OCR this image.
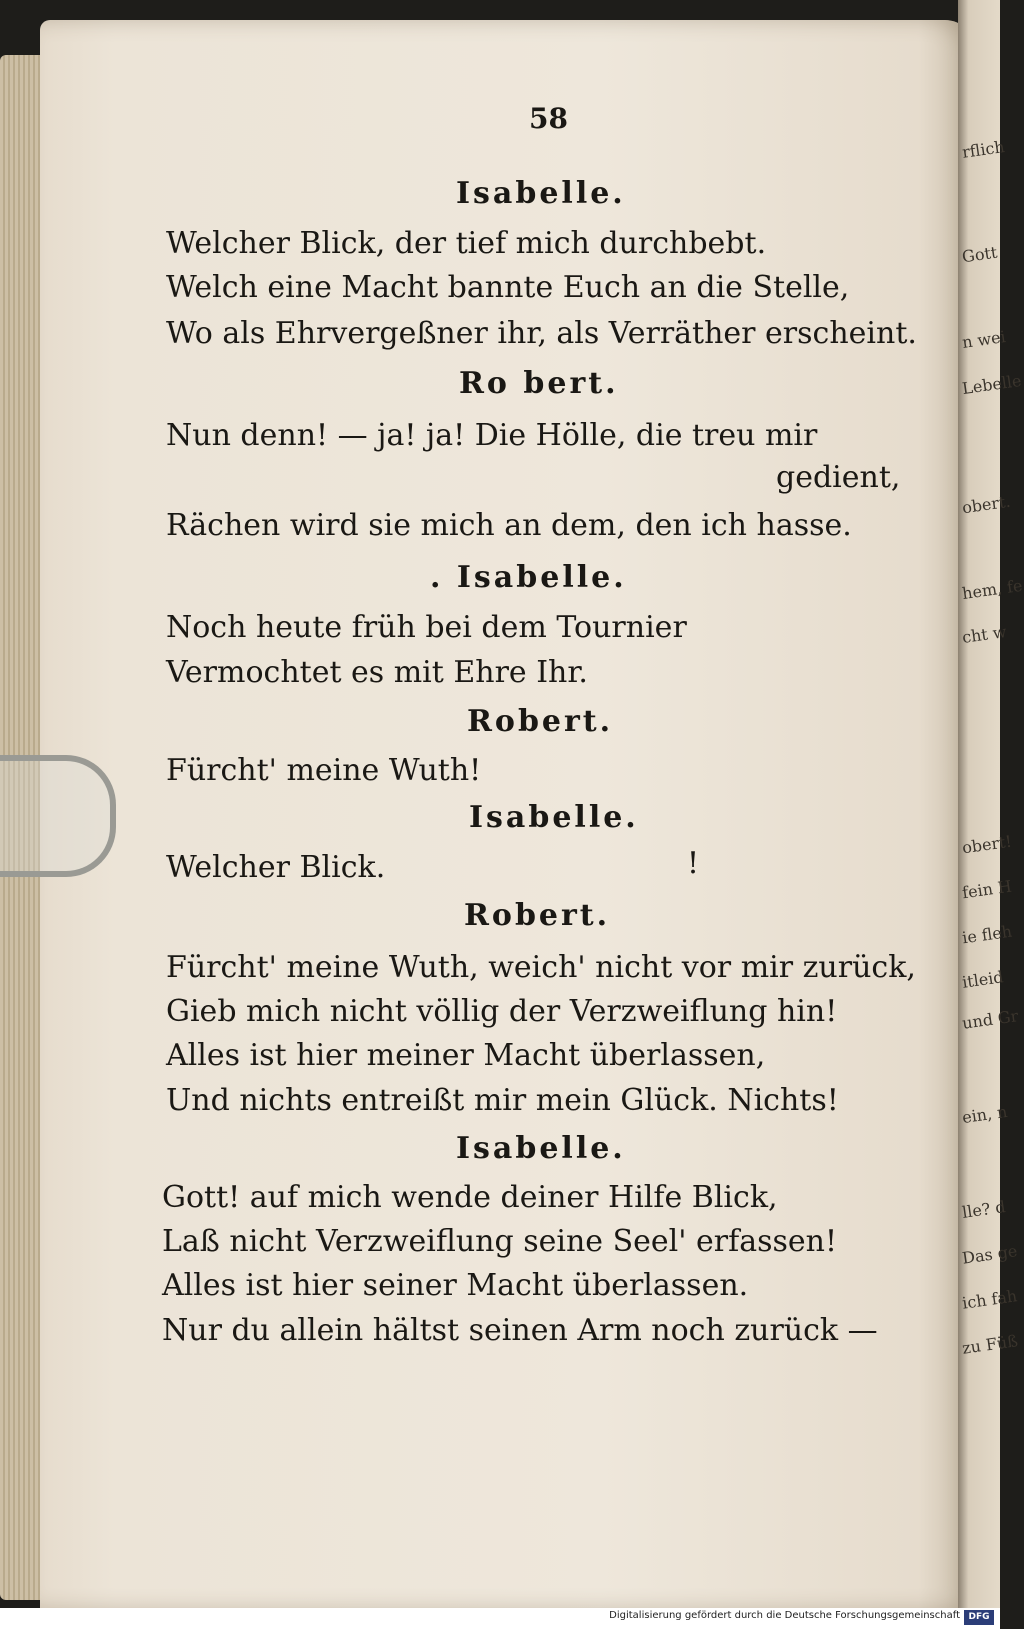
rflich
Gott
n wei
Lebelle
obert.
hem, fe
cht w
obert!
fein H
ie fleh
itleid
und Gr
ein, n
lle? d
Das ge
ich fah
zu Füß
58
Isabelle.
Welcher Blick, der tief mich durchbebt.
Welch eine Macht bannte Euch an die Stelle,
Wo als Ehrvergeßner ihr, als Verräther erscheint.
Ro bert.
Nun denn! — ja! ja! Die Hölle, die treu mir
gedient,
Rächen wird sie mich an dem, den ich hasse.
. Isabelle.
Noch heute früh bei dem Tournier
Vermochtet es mit Ehre Ihr.
Robert.
Fürcht' meine Wuth!
Isabelle.
Welcher Blick.	!
Robert.
Fürcht' meine Wuth, weich' nicht vor mir zurück,
Gieb mich nicht völlig der Verzweiflung hin!
Alles ist hier meiner Macht überlassen,
Und nichts entreißt mir mein Glück. Nichts!
Isabelle.
Gott! auf mich wende deiner Hilfe Blick,
Laß nicht Verzweiflung seine Seel' erfassen!
Alles ist hier seiner Macht überlassen.
Nur du allein hältst seinen Arm noch zurück —
Digitalisierung gefördert durch die Deutsche Forschungsgemeinschaft DFG
